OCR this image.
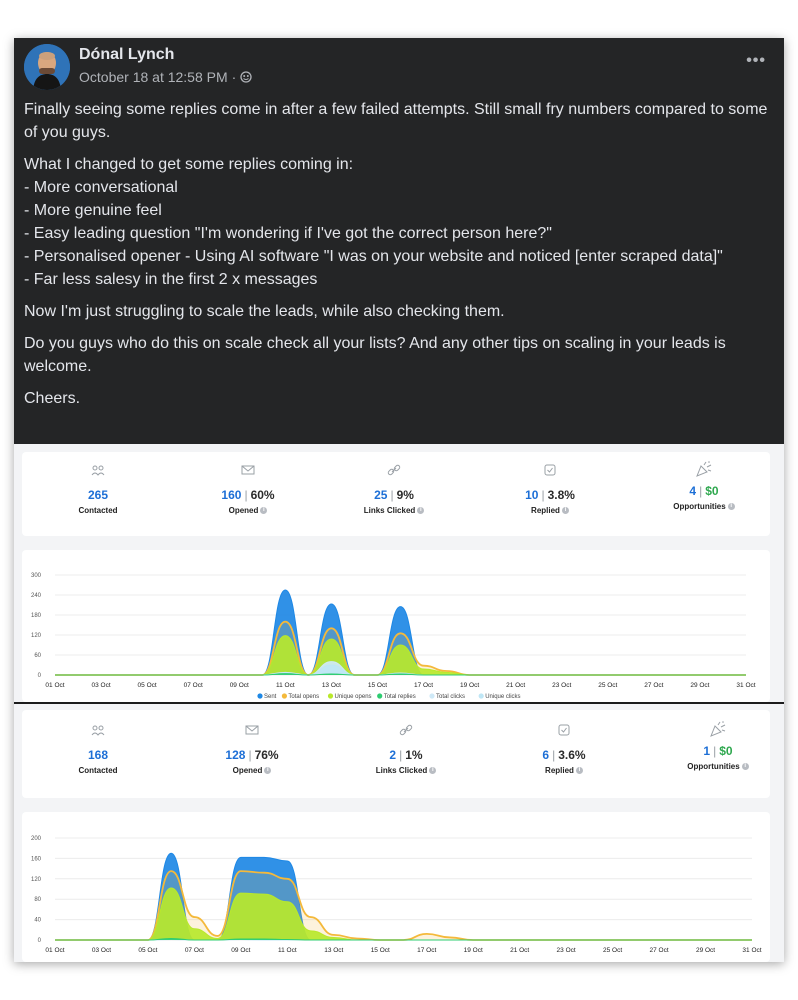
Dónal Lynch
October 18 at 12:58 PM ·
•••

Finally seeing some replies come in after a few failed attempts. Still small fry numbers compared to some of you guys.

What I changed to get some replies coming in:
- More conversational
- More genuine feel
- Easy leading question "I'm wondering if I've got the correct person here?"
- Personalised opener - Using AI software "I was on your website and noticed [enter scraped data]"
- Far less salesy in the first 2 x messages

Now I'm just struggling to scale the leads, while also checking them.

Do you guys who do this on scale check all your lists? And any other tips on scaling in your leads is welcome.

Cheers.

265
Contacted
160 | 60%
Opened i
25 | 9%
Links Clicked i
10 | 3.8%
Replied i
4 | $0
Opportunities i
0
60
120
180
240
300
01 Oct	03 Oct	05 Oct	07 Oct	09 Oct	11 Oct	13 Oct	15 Oct	17 Oct	19 Oct	21 Oct	23 Oct	25 Oct	27 Oct	29 Oct	31 Oct
Sent Total opens	Unique opens Total replies	Total clicks	Unique clicks
168
Contacted
128 | 76%
Opened i
2 | 1%
Links Clicked i
6 | 3.6%
Replied i
1 | $0
Opportunities i
0
40
80
120
160
200
01 Oct	03 Oct	05 Oct	07 Oct	09 Oct	11 Oct	13 Oct	15 Oct	17 Oct	19 Oct	21 Oct	23 Oct	25 Oct	27 Oct	29 Oct	31 Oct
